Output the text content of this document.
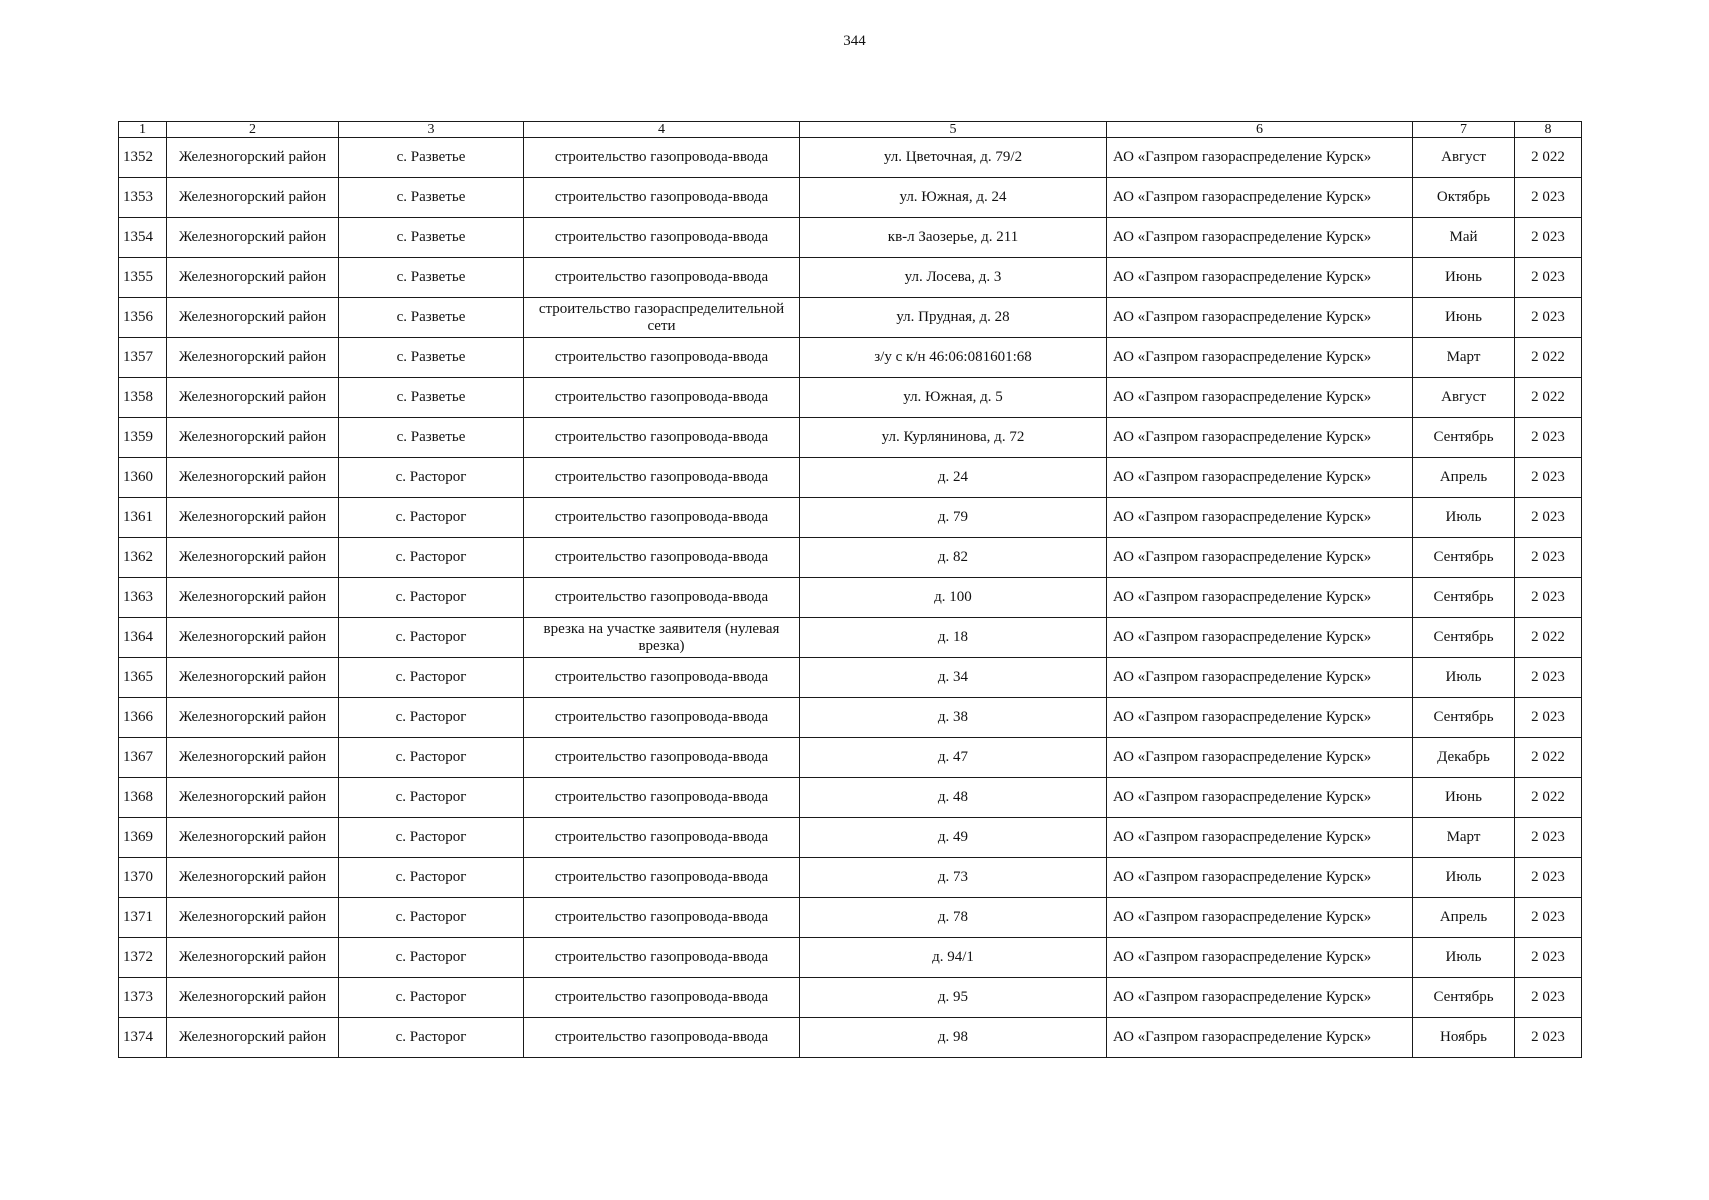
344
1	2	3	4	5	6	7	8
1352	Железногорский район	с. Разветье	строительство газопровода-ввода	ул. Цветочная, д. 79/2	АО «Газпром газораспределение Курск»	Август	2 022
1353	Железногорский район	с. Разветье	строительство газопровода-ввода	ул. Южная, д. 24	АО «Газпром газораспределение Курск»	Октябрь	2 023
1354	Железногорский район	с. Разветье	строительство газопровода-ввода	кв-л Заозерье, д. 211	АО «Газпром газораспределение Курск»	Май	2 023
1355	Железногорский район	с. Разветье	строительство газопровода-ввода	ул. Лосева, д. 3	АО «Газпром газораспределение Курск»	Июнь	2 023
1356	Железногорский район	с. Разветье	строительство газораспределительной сети	ул. Прудная, д. 28	АО «Газпром газораспределение Курск»	Июнь	2 023
1357	Железногорский район	с. Разветье	строительство газопровода-ввода	з/у с к/н 46:06:081601:68	АО «Газпром газораспределение Курск»	Март	2 022
1358	Железногорский район	с. Разветье	строительство газопровода-ввода	ул. Южная, д. 5	АО «Газпром газораспределение Курск»	Август	2 022
1359	Железногорский район	с. Разветье	строительство газопровода-ввода	ул. Курлянинова, д. 72	АО «Газпром газораспределение Курск»	Сентябрь	2 023
1360	Железногорский район	с. Расторог	строительство газопровода-ввода	д. 24	АО «Газпром газораспределение Курск»	Апрель	2 023
1361	Железногорский район	с. Расторог	строительство газопровода-ввода	д. 79	АО «Газпром газораспределение Курск»	Июль	2 023
1362	Железногорский район	с. Расторог	строительство газопровода-ввода	д. 82	АО «Газпром газораспределение Курск»	Сентябрь	2 023
1363	Железногорский район	с. Расторог	строительство газопровода-ввода	д. 100	АО «Газпром газораспределение Курск»	Сентябрь	2 023
1364	Железногорский район	с. Расторог	врезка на участке заявителя (нулевая врезка)	д. 18	АО «Газпром газораспределение Курск»	Сентябрь	2 022
1365	Железногорский район	с. Расторог	строительство газопровода-ввода	д. 34	АО «Газпром газораспределение Курск»	Июль	2 023
1366	Железногорский район	с. Расторог	строительство газопровода-ввода	д. 38	АО «Газпром газораспределение Курск»	Сентябрь	2 023
1367	Железногорский район	с. Расторог	строительство газопровода-ввода	д. 47	АО «Газпром газораспределение Курск»	Декабрь	2 022
1368	Железногорский район	с. Расторог	строительство газопровода-ввода	д. 48	АО «Газпром газораспределение Курск»	Июнь	2 022
1369	Железногорский район	с. Расторог	строительство газопровода-ввода	д. 49	АО «Газпром газораспределение Курск»	Март	2 023
1370	Железногорский район	с. Расторог	строительство газопровода-ввода	д. 73	АО «Газпром газораспределение Курск»	Июль	2 023
1371	Железногорский район	с. Расторог	строительство газопровода-ввода	д. 78	АО «Газпром газораспределение Курск»	Апрель	2 023
1372	Железногорский район	с. Расторог	строительство газопровода-ввода	д. 94/1	АО «Газпром газораспределение Курск»	Июль	2 023
1373	Железногорский район	с. Расторог	строительство газопровода-ввода	д. 95	АО «Газпром газораспределение Курск»	Сентябрь	2 023
1374	Железногорский район	с. Расторог	строительство газопровода-ввода	д. 98	АО «Газпром газораспределение Курск»	Ноябрь	2 023
